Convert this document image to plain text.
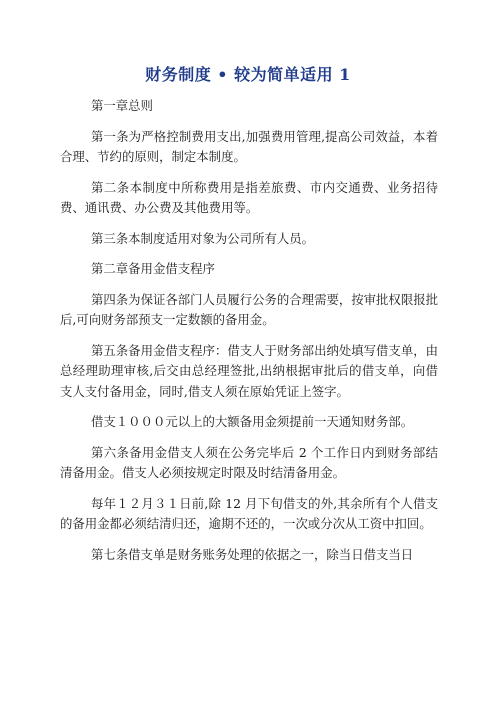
财务制度 • 较为简单适用 1

第一章总则

第一条为严格控制费用支出,加强费用管理,提高公司效益，本着合理、节约的原则，制定本制度。

第二条本制度中所称费用是指差旅费、市内交通费、业务招待费、通讯费、办公费及其他费用等。

第三条本制度适用对象为公司所有人员。

第二章备用金借支程序

第四条为保证各部门人员履行公务的合理需要，按审批权限报批后,可向财务部预支一定数额的备用金。

第五条备用金借支程序：借支人于财务部出纳处填写借支单，由总经理助理审核,后交由总经理签批,出纳根据审批后的借支单，向借支人支付备用金，同时,借支人须在原始凭证上签字。

借支１０００元以上的大额备用金须提前一天通知财务部。

第六条备用金借支人须在公务完毕后 2 个工作日内到财务部结清备用金。借支人必须按规定时限及时结清备用金。

每年１２月３１日前,除 12 月下旬借支的外,其余所有个人借支的备用金都必须结清归还，逾期不还的，一次或分次从工资中扣回。

第七条借支单是财务账务处理的依据之一，除当日借支当日
